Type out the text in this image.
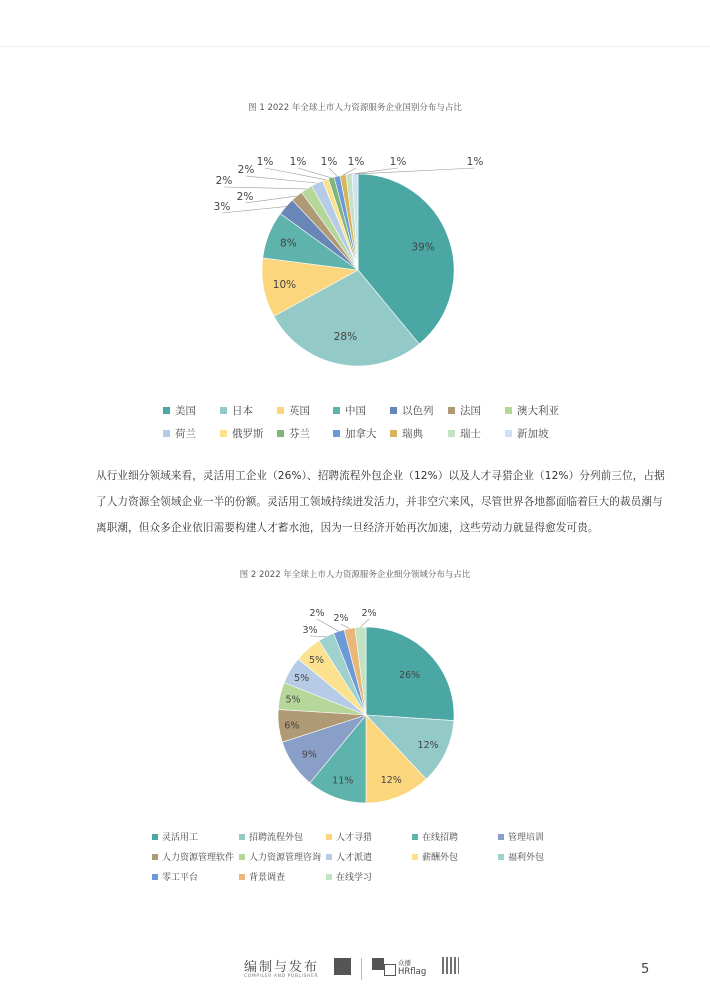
图 1 2022 年全球上市人力资源服务企业国别分布与占比
39%
28%
10%
8%
3%
2%
2%
2%
1% 1% 1% 1% 1%	1%
美国	日本	英国	中国	以色列	法国	澳大利亚
荷兰	俄罗斯 芬兰	加拿大 瑞典	瑞士	新加坡
从行业细分领域来看，灵活用工企业（26%）、招聘流程外包企业（12%）以及人才寻猎企业（12%）分列前三位，占据
了人力资源全领域企业一半的份额。灵活用工领域持续迸发活力，并非空穴来风，尽管世界各地都面临着巨大的裁员潮与
离职潮，但众多企业依旧需要构建人才蓄水池，因为一旦经济开始再次加速，这些劳动力就显得愈发可贵。
图 2 2022 年全球上市人力资源服务企业细分领域分布与占比
26%
12%
12%
11%
9%
6%
5%
5%
5%
3%
2% 2% 2%
灵活用工	招聘流程外包	人才寻猎	在线招聘	管理培训
人力资源管理软件 人力资源管理咨询 人才派遣	薪酬外包	福利外包
零工平台	背景调查	在线学习
编制与发布
COMPILER AND PUBLISHER
众播
HRflag	5
